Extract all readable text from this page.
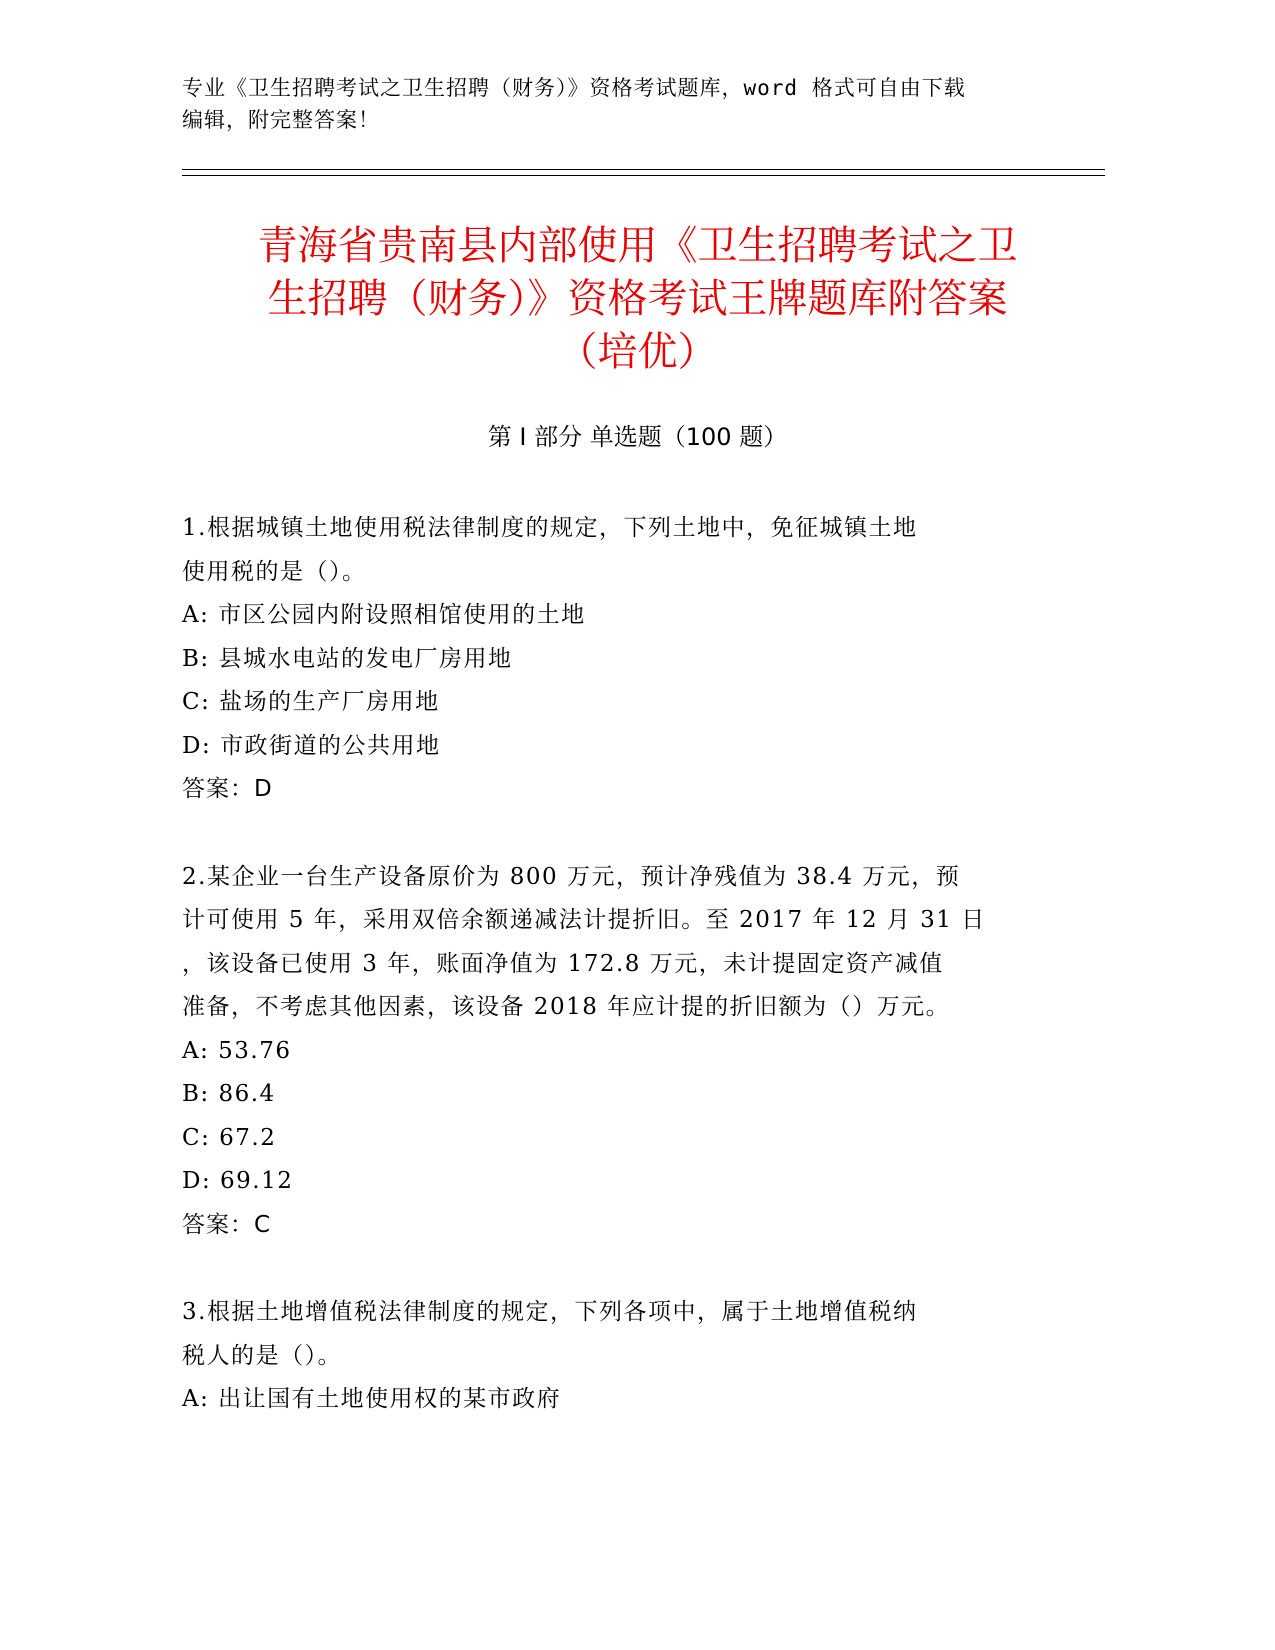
专业《卫生招聘考试之卫生招聘（财务）》资格考试题库，word 格式可自由下载
编辑，附完整答案！
青海省贵南县内部使用《卫生招聘考试之卫
生招聘（财务）》资格考试王牌题库附答案
（培优）
第 I 部分 单选题（100 题）
1.根据城镇土地使用税法律制度的规定，下列土地中，免征城镇土地
使用税的是（）。
A: 市区公园内附设照相馆使用的土地
B: 县城水电站的发电厂房用地
C: 盐场的生产厂房用地
D: 市政街道的公共用地
答案：D
2.某企业一台生产设备原价为 800 万元，预计净残值为 38.4 万元，预
计可使用 5 年，采用双倍余额递减法计提折旧。至 2017 年 12 月 31 日
，该设备已使用 3 年，账面净值为 172.8 万元，未计提固定资产减值
准备，不考虑其他因素，该设备 2018 年应计提的折旧额为（）万元。
A: 53.76
B: 86.4
C: 67.2
D: 69.12
答案：C
3.根据土地增值税法律制度的规定，下列各项中，属于土地增值税纳
税人的是（）。
A: 出让国有土地使用权的某市政府
